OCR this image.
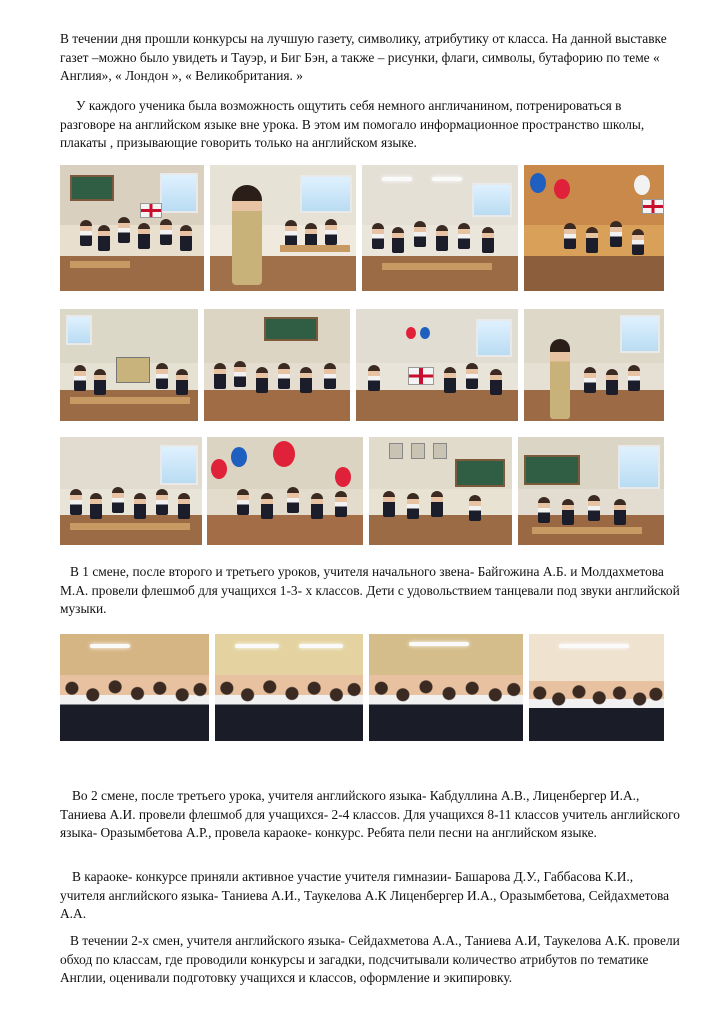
В течении дня прошли конкурсы на лучшую газету, символику, атрибутику от класса. На данной выставке газет –можно было увидеть и Тауэр, и Биг Бэн, а также – рисунки, флаги, символы, бутафорию по теме « Англия», « Лондон », « Великобритания. »

У каждого ученика была возможность ощутить себя немного англичанином, потренироваться в разговоре на английском языке вне урока. В этом им помогало информационное пространство школы, плакаты , призывающие говорить только на английском языке.

В 1 смене, после второго и третьего уроков, учителя начального звена- Байгожина А.Б. и Молдахметова М.А. провели флешмоб для учащихся 1-3- х классов. Дети с удовольствием танцевали под звуки английской музыки.

Во 2 смене, после третьего урока, учителя английского языка- Кабдуллина А.В., Лиценбергер И.А., Таниева А.И. провели флешмоб для учащихся- 2-4 классов. Для учащихся 8-11 классов учитель английского языка- Оразымбетова А.Р., провела караоке- конкурс. Ребята пели песни на английском языке.

В караоке- конкурсе приняли активное участие учителя гимназии- Башарова Д.У., Габбасова К.И., учителя английского языка- Таниева А.И., Таукелова А.К Лиценбергер И.А., Оразымбетова, Сейдахметова А.А.

В течении 2-х смен, учителя английского языка- Сейдахметова А.А., Таниева А.И, Таукелова А.К. провели обход по классам, где проводили конкурсы и загадки, подсчитывали количество атрибутов по тематике Англии, оценивали подготовку учащихся и классов, оформление и экипировку.
